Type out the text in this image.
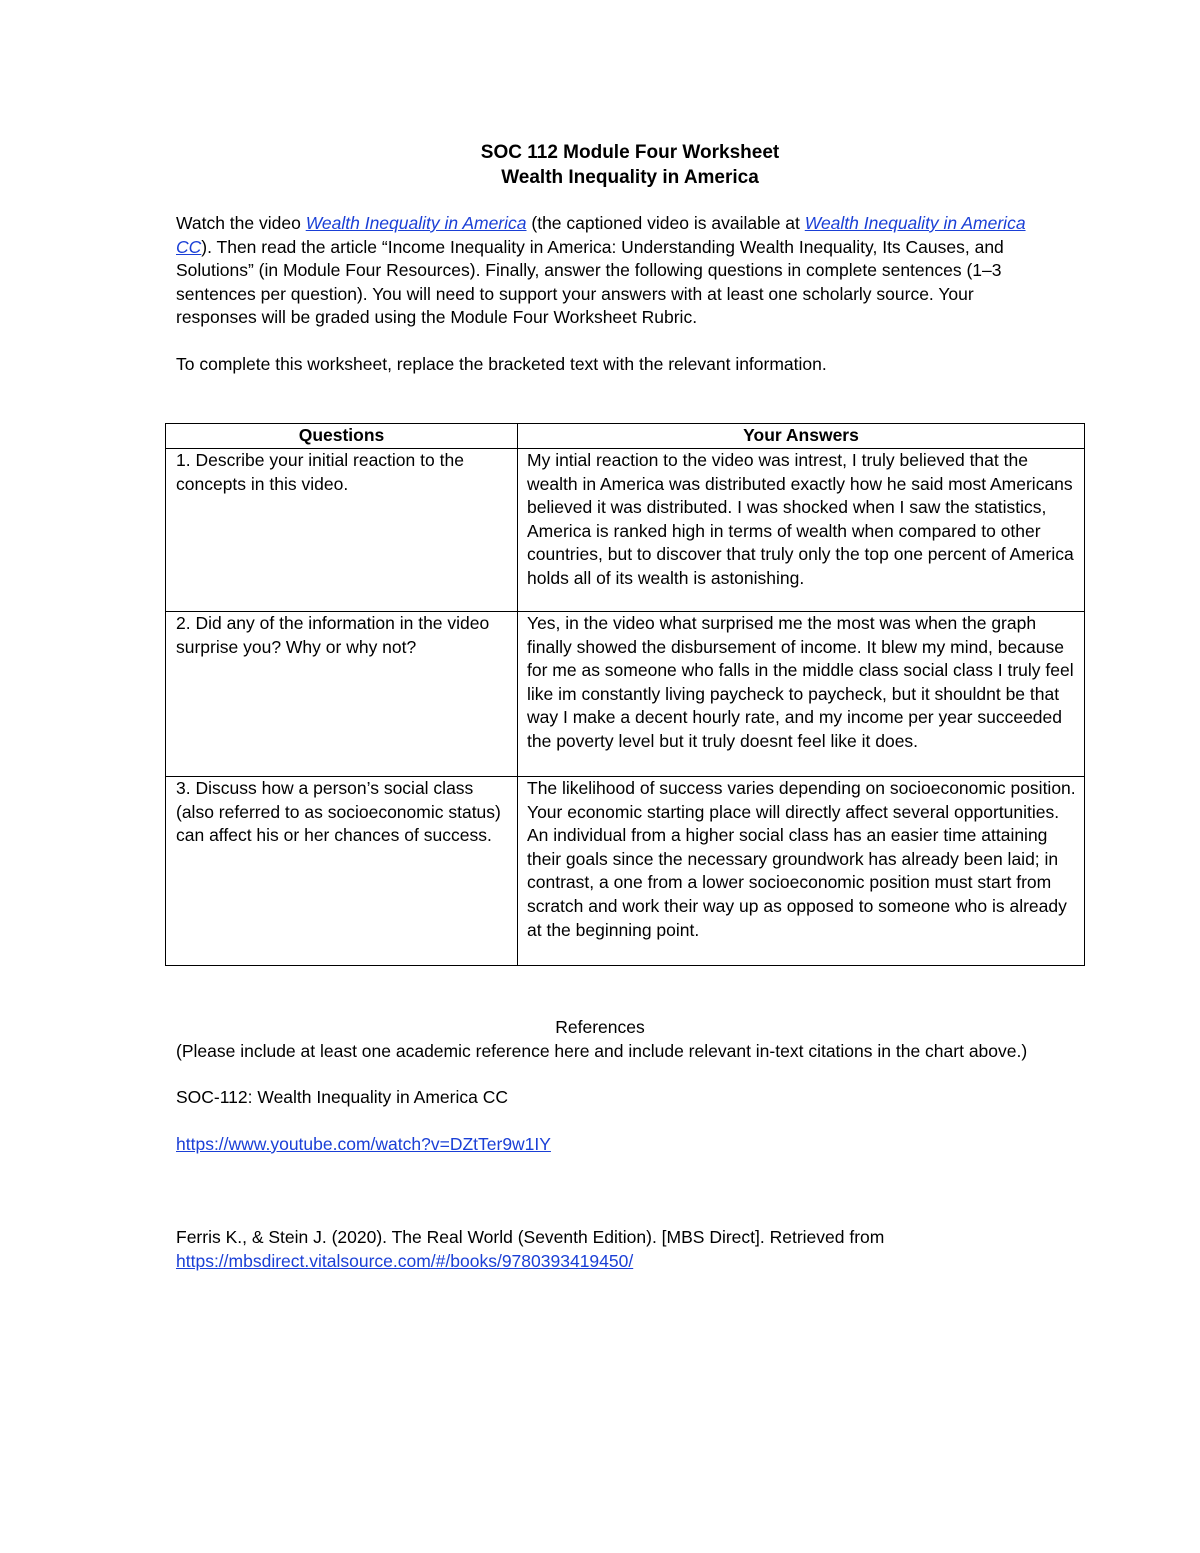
SOC 112 Module Four Worksheet
Wealth Inequality in America
Watch the video Wealth Inequality in America (the captioned video is available at Wealth Inequality in America CC). Then read the article “Income Inequality in America: Understanding Wealth Inequality, Its Causes, and Solutions” (in Module Four Resources). Finally, answer the following questions in complete sentences (1–3 sentences per question). You will need to support your answers with at least one scholarly source. Your responses will be graded using the Module Four Worksheet Rubric.
To complete this worksheet, replace the bracketed text with the relevant information.
Questions	Your Answers
1. Describe your initial reaction to the concepts in this video.	My intial reaction to the video was intrest, I truly believed that the wealth in America was distributed exactly how he said most Americans believed it was distributed. I was shocked when I saw the statistics, America is ranked high in terms of wealth when compared to other countries, but to discover that truly only the top one percent of America holds all of its wealth is astonishing.
2. Did any of the information in the video surprise you? Why or why not?	Yes, in the video what surprised me the most was when the graph finally showed the disbursement of income. It blew my mind, because for me as someone who falls in the middle class social class I truly feel like im constantly living paycheck to paycheck, but it shouldnt be that way I make a decent hourly rate, and my income per year succeeded the poverty level but it truly doesnt feel like it does.
3. Discuss how a person’s social class (also referred to as socioeconomic status) can affect his or her chances of success.	The likelihood of success varies depending on socioeconomic position. Your economic starting place will directly affect several opportunities. An individual from a higher social class has an easier time attaining their goals since the necessary groundwork has already been laid; in contrast, a one from a lower socioeconomic position must start from scratch and work their way up as opposed to someone who is already at the beginning point.
References

(Please include at least one academic reference here and include relevant in-text citations in the chart above.)

SOC-112: Wealth Inequality in America CC
https://www.youtube.com/watch?v=DZtTer9w1IY
Ferris K., & Stein J. (2020). The Real World (Seventh Edition). [MBS Direct]. Retrieved from
https://mbsdirect.vitalsource.com/#/books/9780393419450/
